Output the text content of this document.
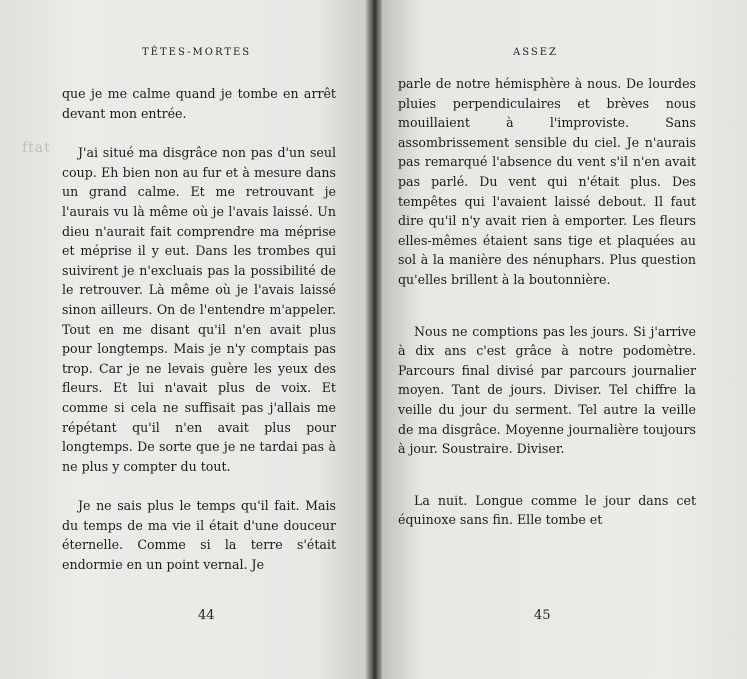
TÊTES-MORTES
ftat

que je me calme quand je tombe en arrêt devant mon entrée.

J'ai situé ma disgrâce non pas d'un seul coup. Eh bien non au fur et à mesure dans un grand calme. Et me retrouvant je l'aurais vu là même où je l'avais laissé. Un dieu n'aurait fait comprendre ma méprise et méprise il y eut. Dans les trombes qui suivirent je n'excluais pas la possibilité de le retrouver. Là même où je l'avais laissé sinon ailleurs. On de l'entendre m'appeler. Tout en me disant qu'il n'en avait plus pour longtemps. Mais je n'y comptais pas trop. Car je ne levais guère les yeux des fleurs. Et lui n'avait plus de voix. Et comme si cela ne suffisait pas j'allais me répétant qu'il n'en avait plus pour longtemps. De sorte que je ne tardai pas à ne plus y compter du tout.

Je ne sais plus le temps qu'il fait. Mais du temps de ma vie il était d'une douceur éternelle. Comme si la terre s'était endormie en un point vernal. Je

44
ASSEZ

parle de notre hémisphère à nous. De lourdes pluies perpendiculaires et brèves nous mouillaient à l'improviste. Sans assombrissement sensible du ciel. Je n'aurais pas remarqué l'absence du vent s'il n'en avait pas parlé. Du vent qui n'était plus. Des tempêtes qui l'avaient laissé debout. Il faut dire qu'il n'y avait rien à emporter. Les fleurs elles-mêmes étaient sans tige et plaquées au sol à la manière des nénuphars. Plus question qu'elles brillent à la boutonnière.

Nous ne comptions pas les jours. Si j'arrive à dix ans c'est grâce à notre podomètre. Parcours final divisé par parcours journalier moyen. Tant de jours. Diviser. Tel chiffre la veille du jour du serment. Tel autre la veille de ma disgrâce. Moyenne journalière toujours à jour. Soustraire. Diviser.

La nuit. Longue comme le jour dans cet équinoxe sans fin. Elle tombe et

45
